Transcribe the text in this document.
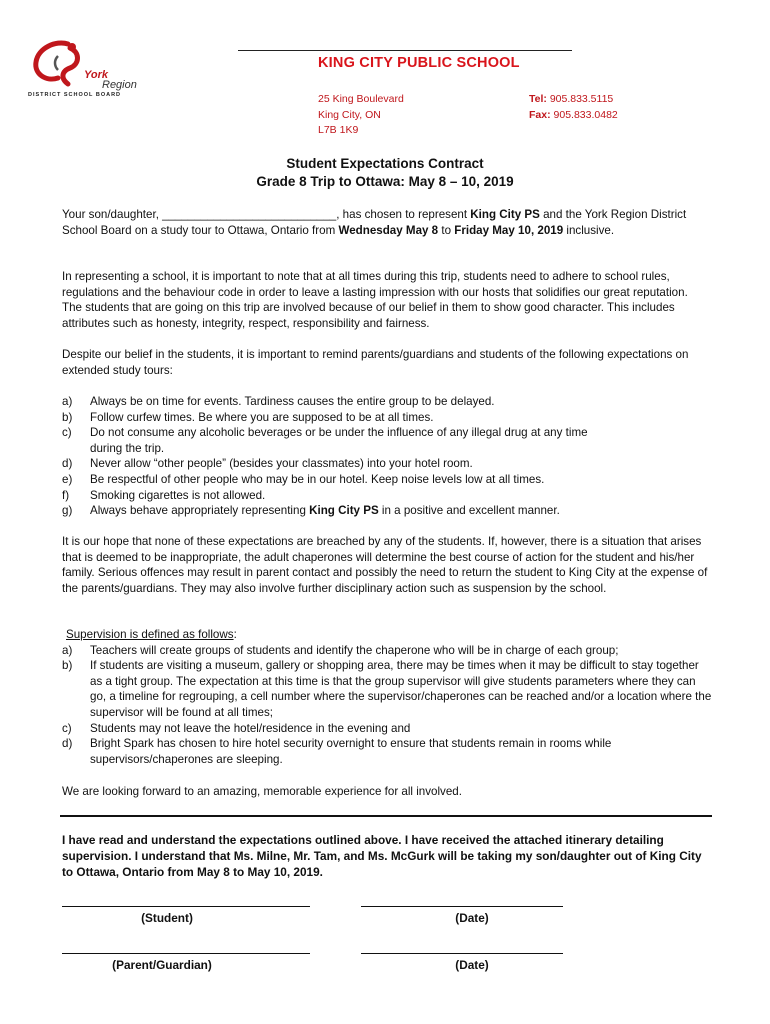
York
Region
DISTRICT SCHOOL BOARD
KING CITY PUBLIC SCHOOL
25 King Boulevard
King City, ON
L7B 1K9
Tel: 905.833.5115
Fax: 905.833.0482
Student Expectations Contract
Grade 8 Trip to Ottawa: May 8 – 10, 2019
Your son/daughter, ___________________________, has chosen to represent King City PS and the York Region District School Board on a study tour to Ottawa, Ontario from Wednesday May 8 to Friday May 10, 2019 inclusive.
In representing a school, it is important to note that at all times during this trip, students need to adhere to school rules, regulations and the behaviour code in order to leave a lasting impression with our hosts that solidifies our great reputation. The students that are going on this trip are involved because of our belief in them to show good character. This includes attributes such as honesty, integrity, respect, responsibility and fairness.
Despite our belief in the students, it is important to remind parents/guardians and students of the following expectations on extended study tours:
a)	Always be on time for events. Tardiness causes the entire group to be delayed.
b)	Follow curfew times. Be where you are supposed to be at all times.
c)	Do not consume any alcoholic beverages or be under the influence of any illegal drug at any time during the trip.
d)	Never allow “other people” (besides your classmates) into your hotel room.
e)	Be respectful of other people who may be in our hotel. Keep noise levels low at all times.
f)	Smoking cigarettes is not allowed.
g)	Always behave appropriately representing King City PS in a positive and excellent manner.
It is our hope that none of these expectations are breached by any of the students. If, however, there is a situation that arises that is deemed to be inappropriate, the adult chaperones will determine the best course of action for the student and his/her family. Serious offences may result in parent contact and possibly the need to return the student to King City at the expense of the parents/guardians. They may also involve further disciplinary action such as suspension by the school.
Supervision is defined as follows:
a)	Teachers will create groups of students and identify the chaperone who will be in charge of each group;
b)	If students are visiting a museum, gallery or shopping area, there may be times when it may be difficult to stay together as a tight group. The expectation at this time is that the group supervisor will give students parameters where they can go, a timeline for regrouping, a cell number where the supervisor/chaperones can be reached and/or a location where the supervisor will be found at all times;
c)	Students may not leave the hotel/residence in the evening and
d)	Bright Spark has chosen to hire hotel security overnight to ensure that students remain in rooms while supervisors/chaperones are sleeping.
We are looking forward to an amazing, memorable experience for all involved.
I have read and understand the expectations outlined above. I have received the attached itinerary detailing supervision. I understand that Ms. Milne, Mr. Tam, and Ms. McGurk will be taking my son/daughter out of King City to Ottawa, Ontario from May 8 to May 10, 2019.
(Student)	(Date)
(Parent/Guardian)	(Date)
